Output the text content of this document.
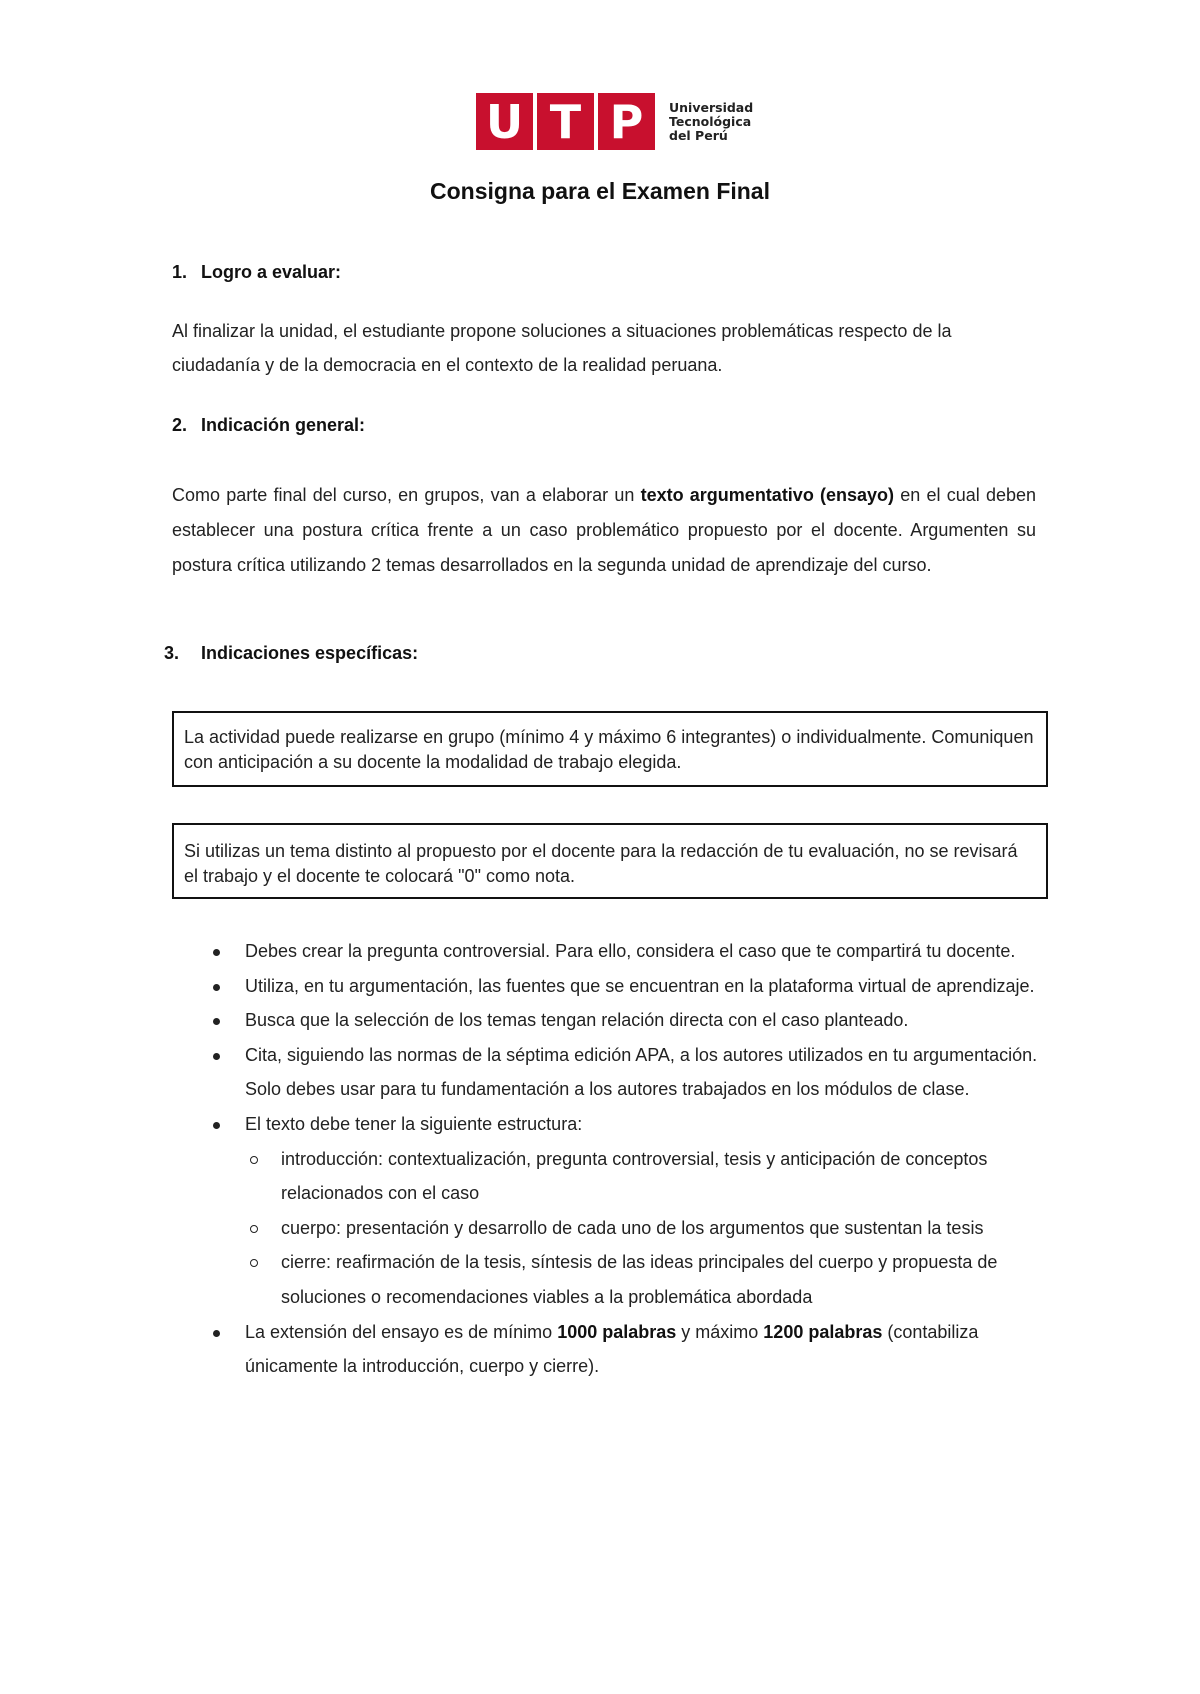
U T P	Universidad
Tecnológica
del Perú
Consigna para el Examen Final
1. Logro a evaluar:
Al finalizar la unidad, el estudiante propone soluciones a situaciones problemáticas respecto de la ciudadanía y de la democracia en el contexto de la realidad peruana.
2. Indicación general:
Como parte final del curso, en grupos, van a elaborar un texto argumentativo (ensayo) en el cual deben establecer una postura crítica frente a un caso problemático propuesto por el docente. Argumenten su postura crítica utilizando 2 temas desarrollados en la segunda unidad de aprendizaje del curso.
3. Indicaciones específicas:
La actividad puede realizarse en grupo (mínimo 4 y máximo 6 integrantes) o individualmente. Comuniquen con anticipación a su docente la modalidad de trabajo elegida.
Si utilizas un tema distinto al propuesto por el docente para la redacción de tu evaluación, no se revisará el trabajo y el docente te colocará "0" como nota.
Debes crear la pregunta controversial. Para ello, considera el caso que te compartirá tu docente.
Utiliza, en tu argumentación, las fuentes que se encuentran en la plataforma virtual de aprendizaje.
Busca que la selección de los temas tengan relación directa con el caso planteado.
Cita, siguiendo las normas de la séptima edición APA, a los autores utilizados en tu argumentación. Solo debes usar para tu fundamentación a los autores trabajados en los módulos de clase.
El texto debe tener la siguiente estructura:
introducción: contextualización, pregunta controversial, tesis y anticipación de conceptos relacionados con el caso
cuerpo: presentación y desarrollo de cada uno de los argumentos que sustentan la tesis
cierre: reafirmación de la tesis, síntesis de las ideas principales del cuerpo y propuesta de soluciones o recomendaciones viables a la problemática abordada
La extensión del ensayo es de mínimo 1000 palabras y máximo 1200 palabras (contabiliza únicamente la introducción, cuerpo y cierre).
